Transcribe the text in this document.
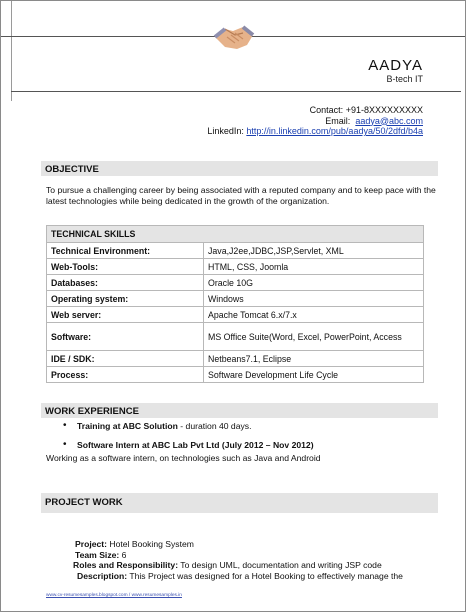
AADYA
B-tech IT
Contact: +91-8XXXXXXXXX
Email: aadya@abc.com
LinkedIn: http://in.linkedin.com/pub/aadya/50/2dfd/b4a
OBJECTIVE
To pursue a challenging career by being associated with a reputed company and to keep pace with the latest technologies while being dedicated in the growth of the organization.
TECHNICAL SKILLS	
Technical Environment:	Java,J2ee,JDBC,JSP,Servlet, XML
Web-Tools:	HTML, CSS, Joomla
Databases:	Oracle 10G
Operating system:	Windows
Web server:	Apache Tomcat 6.x/7.x
Software:	MS Office Suite(Word, Excel, PowerPoint, Access
IDE / SDK:	Netbeans7.1, Eclipse
Process:	Software Development Life Cycle
WORK EXPERIENCE
• Training at ABC Solution - duration 40 days.
• Software Intern at ABC Lab Pvt Ltd (July 2012 – Nov 2012)
Working as a software intern, on technologies such as Java and Android
PROJECT WORK
Project: Hotel Booking System
Team Size: 6
Roles and Responsibility: To design UML, documentation and writing JSP code
Description: This Project was designed for a Hotel Booking to effectively manage the
www.cv-resumesamples.blogspot.com / www.resumesamples.in
